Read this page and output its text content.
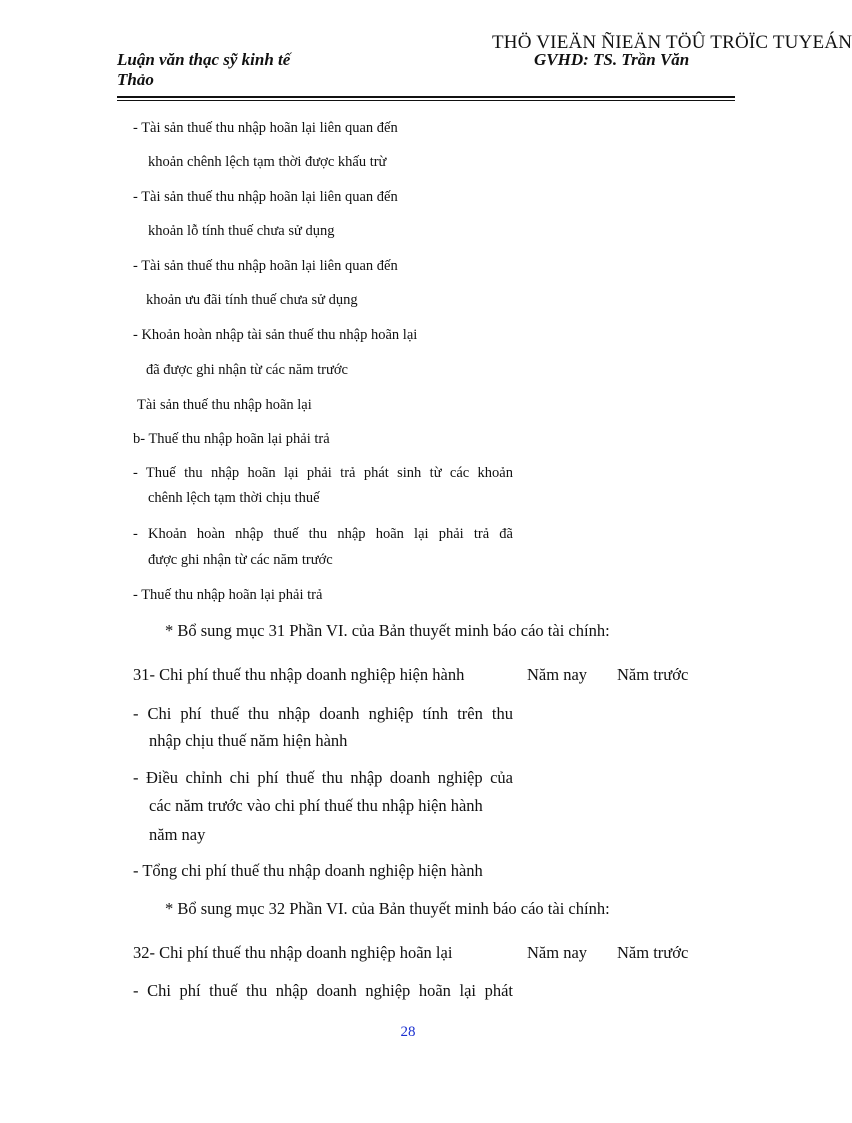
THÖ VIEÄN ÑIEÄN TÖÛ TRÖÏC TUYEÁN
Luận văn thạc sỹ kinh tế
Thảo
GVHD: TS. Trần Văn
- Tài sản thuế thu nhập hoãn lại liên quan đến
khoản chênh lệch tạm thời được khấu trừ
- Tài sản thuế thu nhập hoãn lại liên quan đến
khoản lỗ tính thuế chưa sử dụng
- Tài sản thuế thu nhập hoãn lại liên quan đến
khoản ưu đãi tính thuế chưa sử dụng
- Khoản hoàn nhập tài sản thuế thu nhập hoãn lại
đã được ghi nhận từ các năm trước
Tài sản thuế thu nhập hoãn lại
b- Thuế thu nhập hoãn lại phải trả
- Thuế thu nhập hoãn lại phải trả phát sinh từ các khoản
chênh lệch tạm thời chịu thuế
- Khoản hoàn nhập thuế thu nhập hoãn lại phải trả đã
được ghi nhận từ các năm trước
- Thuế thu nhập hoãn lại phải trả
* Bổ sung mục 31 Phần VI. của Bản thuyết minh báo cáo tài chính:
31- Chi phí thuế thu nhập doanh nghiệp hiện hành	Năm nay Năm trước
- Chi phí thuế thu nhập doanh nghiệp tính trên thu
nhập chịu thuế năm hiện hành
- Điều chỉnh chi phí thuế thu nhập doanh nghiệp của
các năm trước vào chi phí thuế thu nhập hiện hành
năm nay
- Tổng chi phí thuế thu nhập doanh nghiệp hiện hành
* Bổ sung mục 32 Phần VI. của Bản thuyết minh báo cáo tài chính:
32- Chi phí thuế thu nhập doanh nghiệp hoãn lại	Năm nay Năm trước
- Chi phí thuế thu nhập doanh nghiệp hoãn lại phát
28
